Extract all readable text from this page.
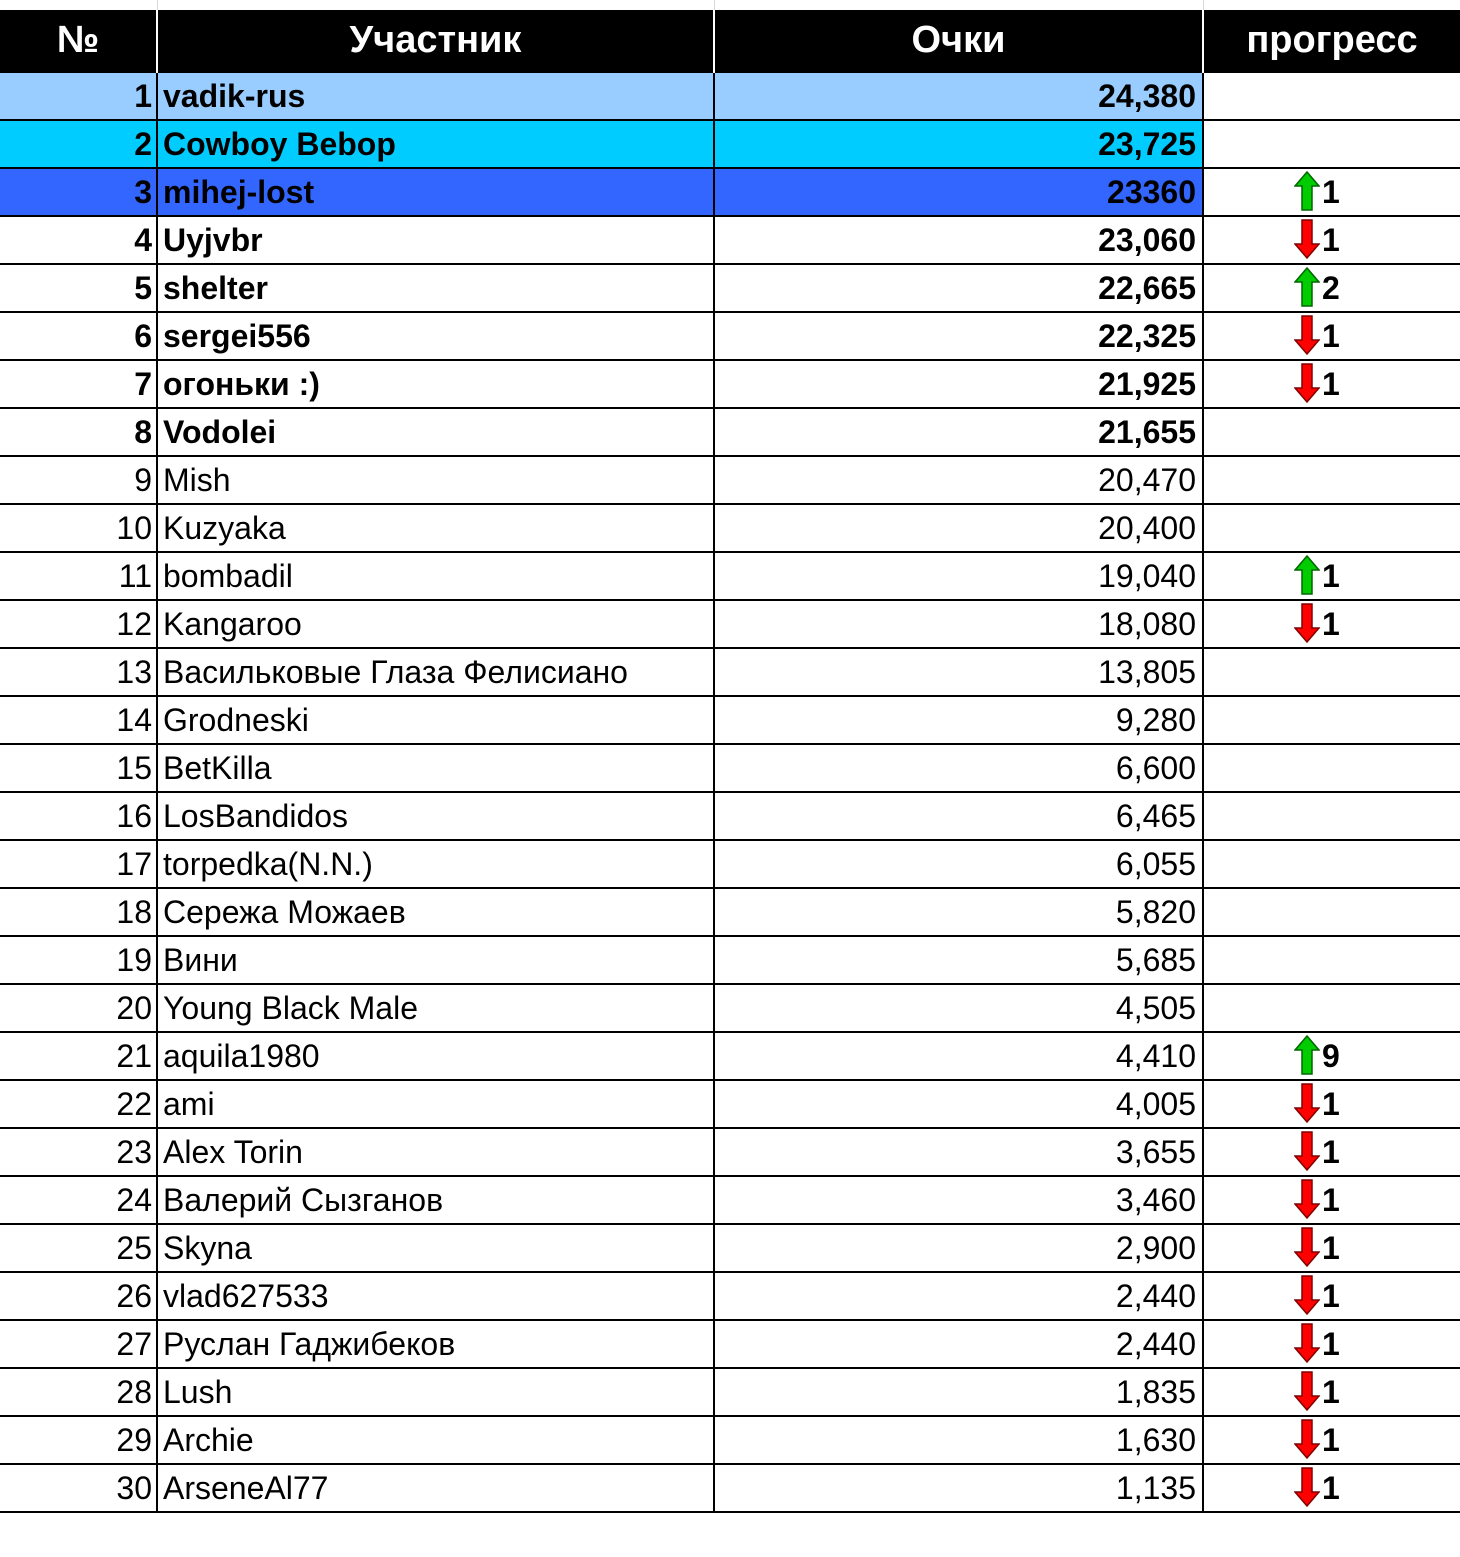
№	Участник	Очки	прогресс
1	vadik-rus	24,380	
2	Cowboy Bebop	23,725	
3	mihej-lost	23360	1
4	Uyjvbr	23,060	1
5	shelter	22,665	2
6	sergei556	22,325	1
7	огоньки :)	21,925	1
8	Vodolei	21,655	
9	Mish	20,470	
10	Kuzyaka	20,400	
11	bombadil	19,040	1
12	Kangaroo	18,080	1
13	Васильковые Глаза Фелисиано	13,805	
14	Grodneski	9,280	
15	BetKilla	6,600	
16	LosBandidos	6,465	
17	torpedka(N.N.)	6,055	
18	Сережа Можаев	5,820	
19	Вини	5,685	
20	Young Black Male	4,505	
21	aquila1980	4,410	9
22	ami	4,005	1
23	Alex Torin	3,655	1
24	Валерий Сызганов	3,460	1
25	Skyna	2,900	1
26	vlad627533	2,440	1
27	Руслан Гаджибеков	2,440	1
28	Lush	1,835	1
29	Archie	1,630	1
30	ArseneAl77	1,135	1
